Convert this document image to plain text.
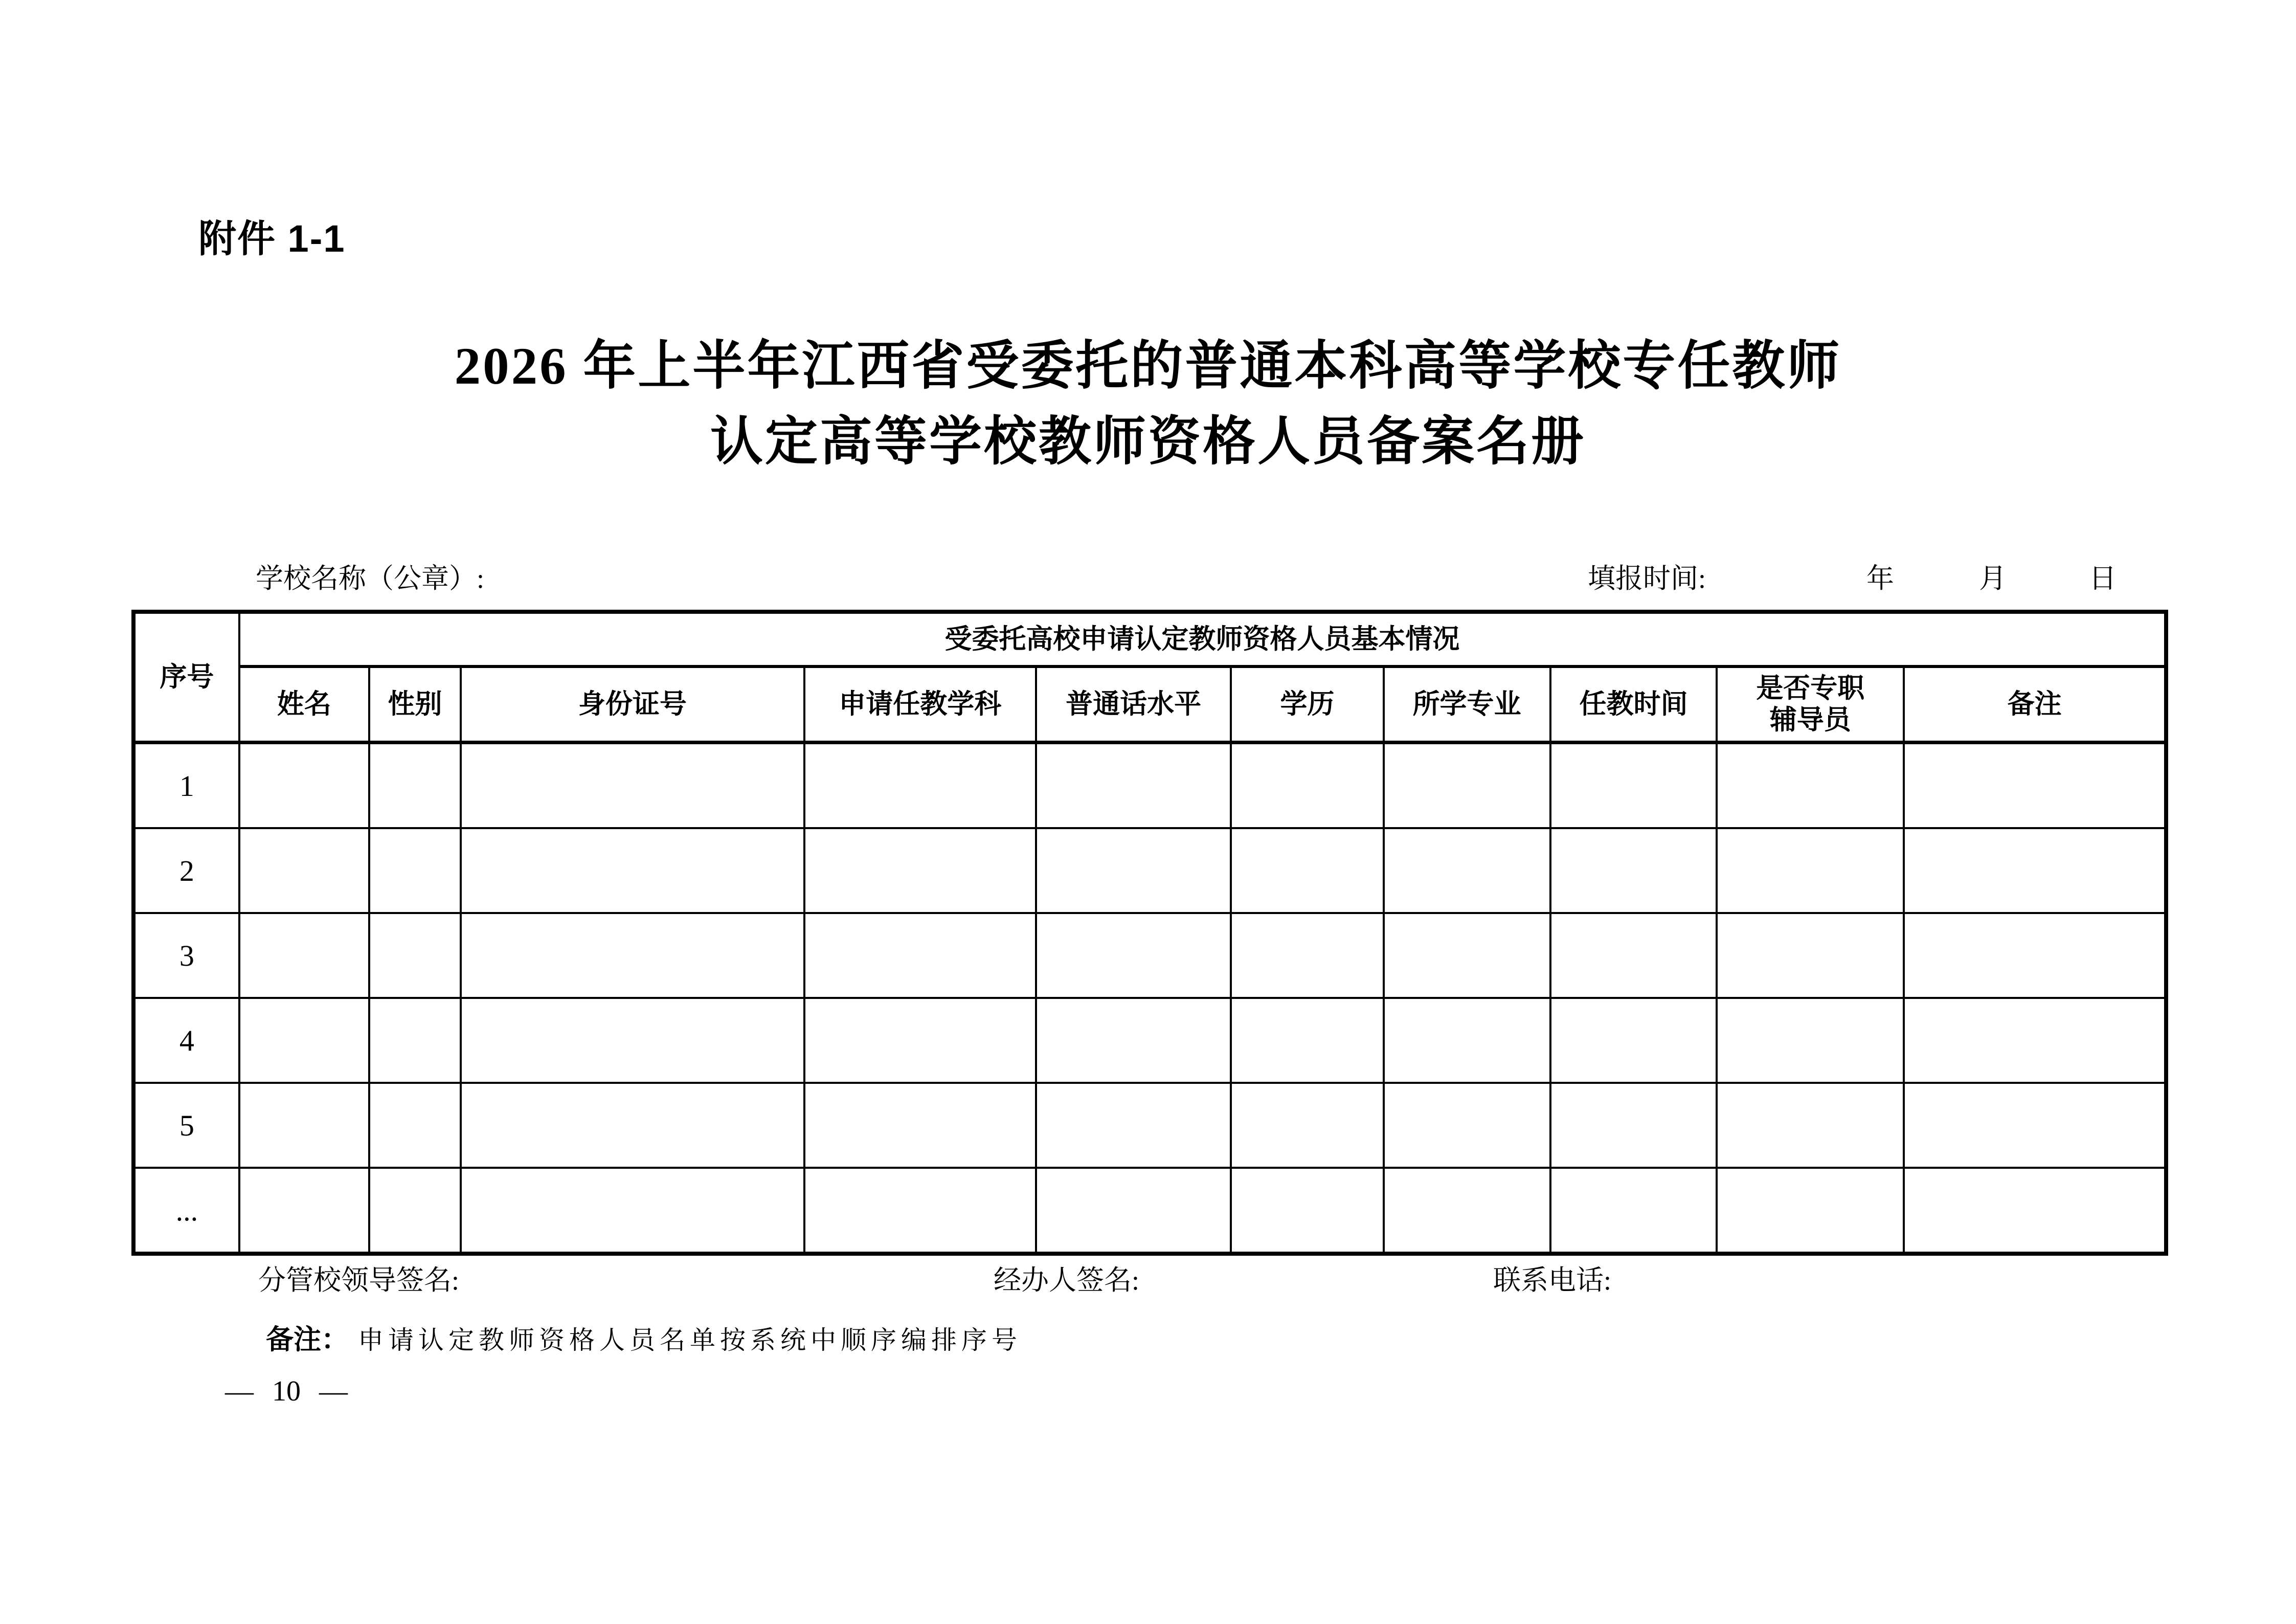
附件 1-1
2026 年上半年江西省受委托的普通本科高等学校专任教师
认定高等学校教师资格人员备案名册
学校名称（公章）:	填报时间:	年	月	日
序号	受委托高校申请认定教师资格人员基本情况									
	姓名	性别	身份证号	申请任教学科	普通话水平	学历	所学专业	任教时间	是否专职辅导员	备注
1										
2										
3										
4										
5										
...										
分管校领导签名:	经办人签名:	联系电话:
备注： 申请认定教师资格人员名单按系统中顺序编排序号
— 10 —
